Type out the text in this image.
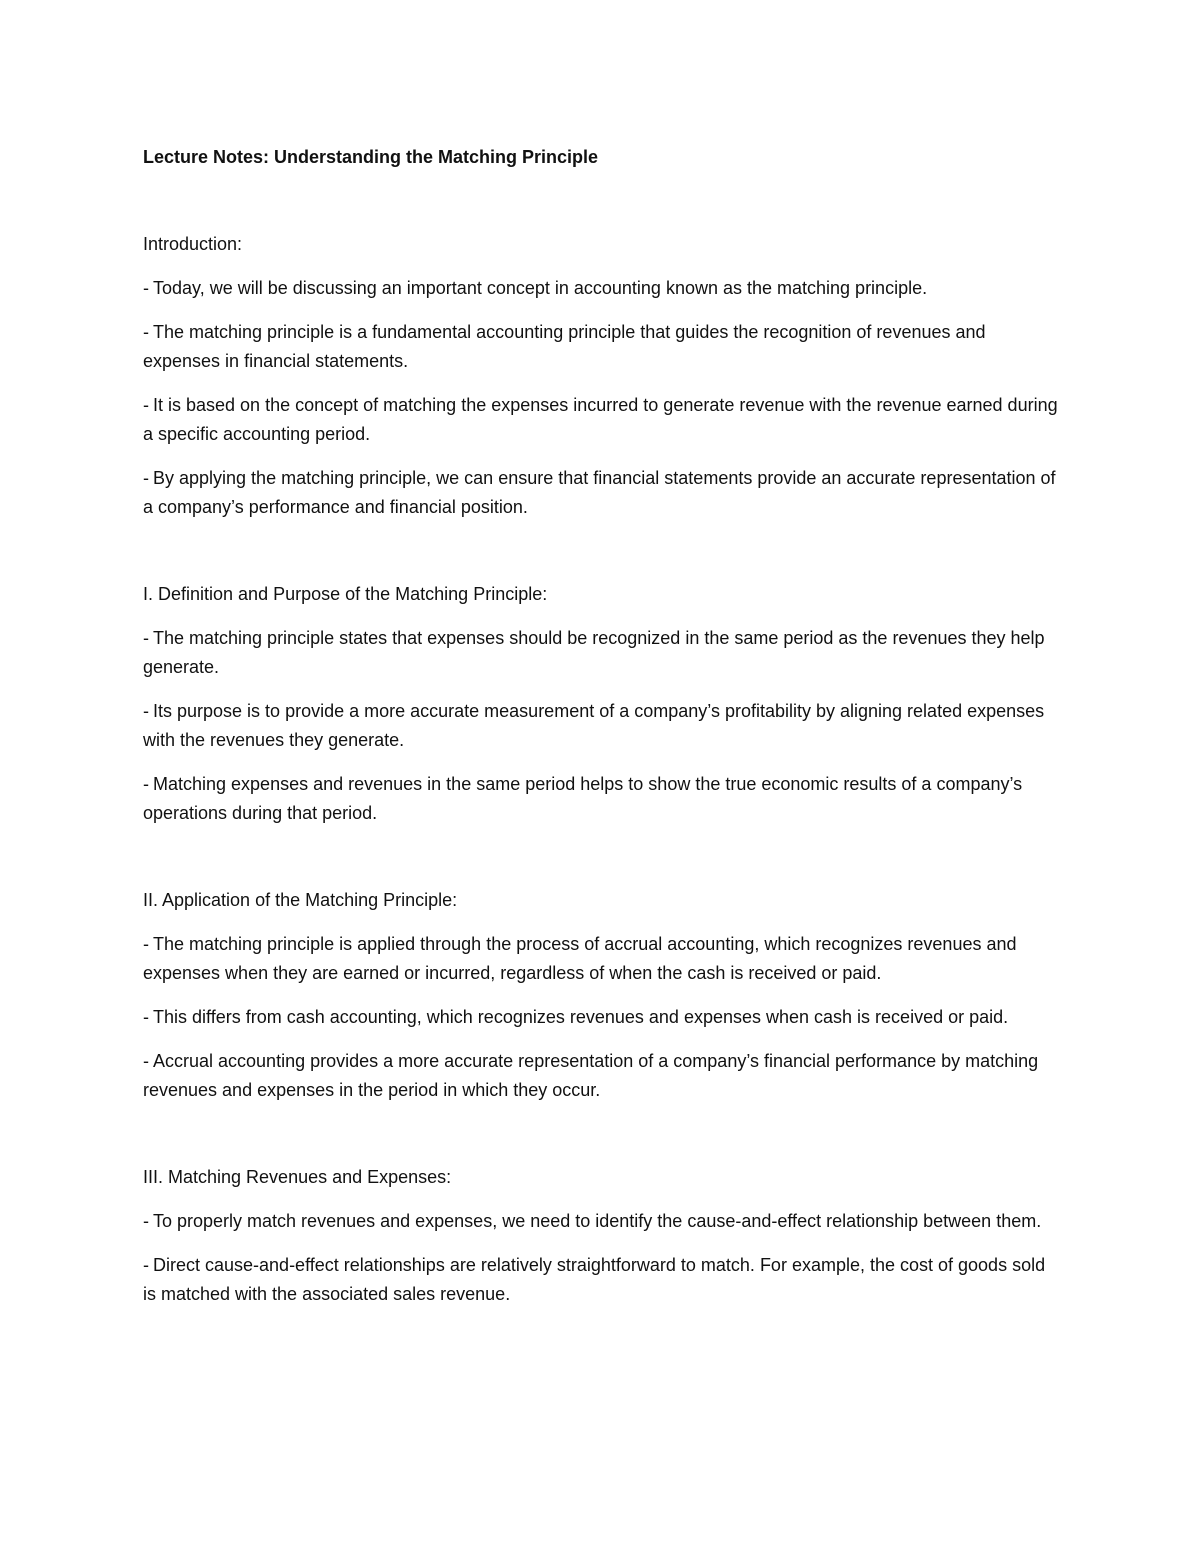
Lecture Notes: Understanding the Matching Principle

Introduction:

- Today, we will be discussing an important concept in accounting known as the matching principle.

- The matching principle is a fundamental accounting principle that guides the recognition of revenues and expenses in financial statements.

- It is based on the concept of matching the expenses incurred to generate revenue with the revenue earned during a specific accounting period.

- By applying the matching principle, we can ensure that financial statements provide an accurate representation of a company’s performance and financial position.

I. Definition and Purpose of the Matching Principle:

- The matching principle states that expenses should be recognized in the same period as the revenues they help generate.

- Its purpose is to provide a more accurate measurement of a company’s profitability by aligning related expenses with the revenues they generate.

- Matching expenses and revenues in the same period helps to show the true economic results of a company’s operations during that period.

II. Application of the Matching Principle:

- The matching principle is applied through the process of accrual accounting, which recognizes revenues and expenses when they are earned or incurred, regardless of when the cash is received or paid.

- This differs from cash accounting, which recognizes revenues and expenses when cash is received or paid.

- Accrual accounting provides a more accurate representation of a company’s financial performance by matching revenues and expenses in the period in which they occur.

III. Matching Revenues and Expenses:

- To properly match revenues and expenses, we need to identify the cause-and-effect relationship between them.

- Direct cause-and-effect relationships are relatively straightforward to match. For example, the cost of goods sold is matched with the associated sales revenue.
